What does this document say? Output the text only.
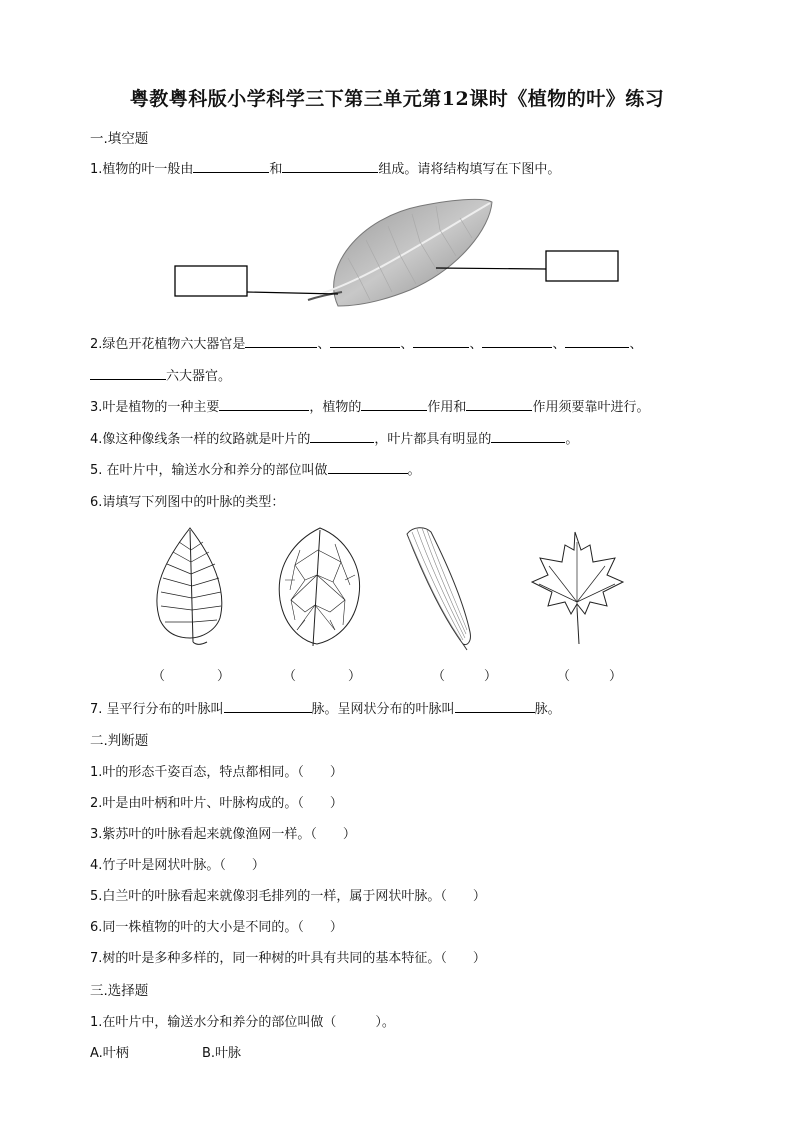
粤教粤科版小学科学三下第三单元第12课时《植物的叶》练习
一.填空题
1.植物的叶一般由	和	组成。请将结构填写在下图中。
2.绿色开花植物六大器官是	、	、	、	、	、
六大器官。
3.叶是植物的一种主要	，植物的	作用和	作用须要靠叶进行。
4.像这种像线条一样的纹路就是叶片的	，叶片都具有明显的	。
5. 在叶片中，输送水分和养分的部位叫做	。
6.请填写下列图中的叶脉的类型：
（　　　　）	（　　　　）	（　　　）	（　　　）
7. 呈平行分布的叶脉叫	脉。呈网状分布的叶脉叫	脉。
二.判断题
1.叶的形态千姿百态，特点都相同。（　　）
2.叶是由叶柄和叶片、叶脉构成的。（　　）
3.紫苏叶的叶脉看起来就像渔网一样。（　　）
4.竹子叶是网状叶脉。（　　）
5.白兰叶的叶脉看起来就像羽毛排列的一样，属于网状叶脉。（　　）
6.同一株植物的叶的大小是不同的。（　　）
7.树的叶是多种多样的，同一种树的叶具有共同的基本特征。（　　）
三.选择题
1.在叶片中，输送水分和养分的部位叫做（　　　）。
A.叶柄	B.叶脉
